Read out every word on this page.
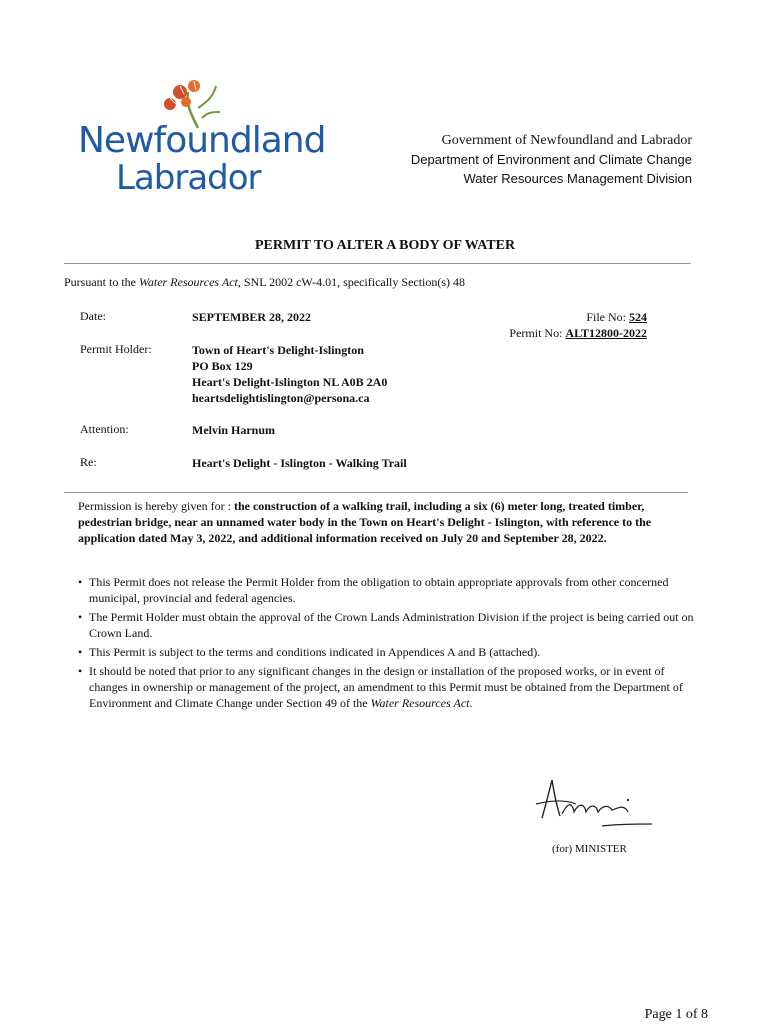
Newfoundland
Labrador
Government of Newfoundland and Labrador
Department of Environment and Climate Change
Water Resources Management Division
PERMIT TO ALTER A BODY OF WATER
Pursuant to the Water Resources Act, SNL 2002 cW-4.01, specifically Section(s) 48
Date:	SEPTEMBER 28, 2022	File No: 524
Permit No: ALT12800-2022
Permit Holder:	Town of Heart's Delight-Islington
PO Box 129
Heart's Delight-Islington NL A0B 2A0
heartsdelightislington@persona.ca
Attention:	Melvin Harnum
Re:	Heart's Delight - Islington - Walking Trail
Permission is hereby given for : the construction of a walking trail, including a six (6) meter long, treated timber, pedestrian bridge, near an unnamed water body in the Town on Heart's Delight - Islington, with reference to the application dated May 3, 2022, and additional information received on July 20 and September 28, 2022.
• This Permit does not release the Permit Holder from the obligation to obtain appropriate approvals from other concerned municipal, provincial and federal agencies.
• The Permit Holder must obtain the approval of the Crown Lands Administration Division if the project is being carried out on Crown Land.
• This Permit is subject to the terms and conditions indicated in Appendices A and B (attached).
• It should be noted that prior to any significant changes in the design or installation of the proposed works, or in event of changes in ownership or management of the project, an amendment to this Permit must be obtained from the Department of Environment and Climate Change under Section 49 of the Water Resources Act.
(for) MINISTER
Page 1 of 8
